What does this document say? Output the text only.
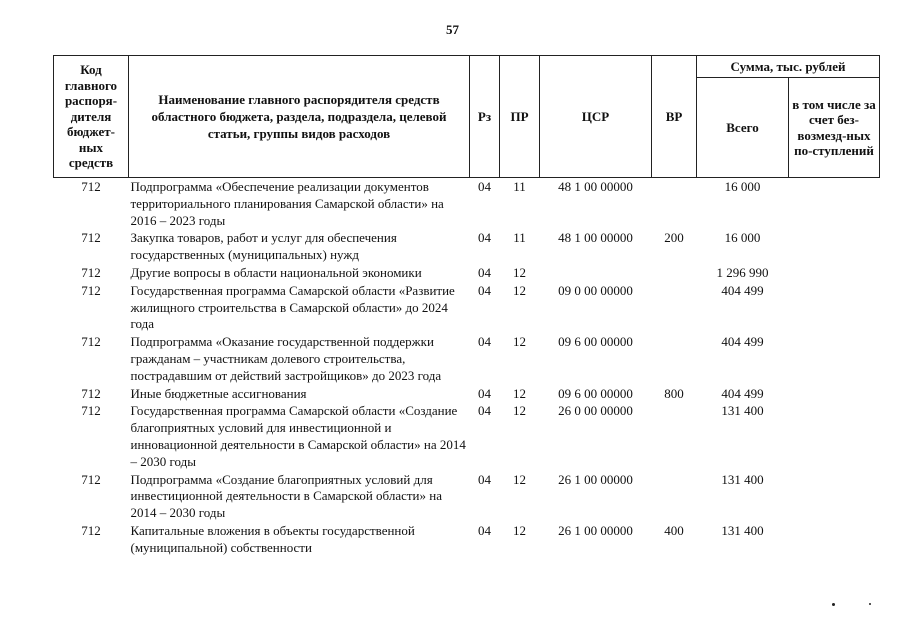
57
Код главного распоря-дителя бюджет-ных средств	Наименование главного распорядителя средств областного бюджета, раздела, подраздела, целевой статьи, группы видов расходов	Рз	ПР	ЦСР	ВР	Сумма, тыс. рублей	
						Всего	в том числе за счет без-возмезд-ных по-ступлений
712	Подпрограмма «Обеспечение реализации документов территориального планирования Самарской области» на 2016 – 2023 годы	04	11	48 1 00 00000		16 000	
712	Закупка товаров, работ и услуг для обеспечения государственных (муниципальных) нужд	04	11	48 1 00 00000	200	16 000	
712	Другие вопросы в области национальной экономики	04	12			1 296 990	
712	Государственная программа Самарской области «Развитие жилищного строительства в Самарской области» до 2024 года	04	12	09 0 00 00000		404 499	
712	Подпрограмма «Оказание государственной поддержки гражданам – участникам долевого строительства, пострадавшим от действий застройщиков» до 2023 года	04	12	09 6 00 00000		404 499	
712	Иные бюджетные ассигнования	04	12	09 6 00 00000	800	404 499	
712	Государственная программа Самарской области «Создание благоприятных условий для инвестиционной и инновационной деятельности в Самарской области» на 2014 – 2030 годы	04	12	26 0 00 00000		131 400	
712	Подпрограмма «Создание благоприятных условий для инвестиционной деятельности в Самарской области» на 2014 – 2030 годы	04	12	26 1 00 00000		131 400	
712	Капитальные вложения в объекты государственной (муниципальной) собственности	04	12	26 1 00 00000	400	131 400	
